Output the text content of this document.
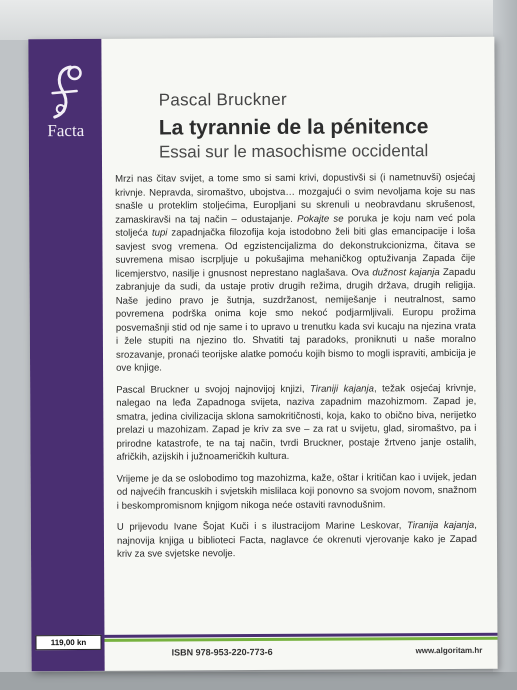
Facta
119,00 kn
Pascal Bruckner
La tyrannie de la pénitence
Essai sur le masochisme occidental

Mrzi nas čitav svijet, a tome smo si sami krivi, dopustivši si (i nametnuvši) osjećaj krivnje. Nepravda, siromaštvo, ubojstva… mozgajući o svim nevoljama koje su nas snašle u proteklim stoljećima, Europljani su skrenuli u neobravdanu skrušenost, zamaskiravši na taj način – odustajanje. Pokajte se poruka je koju nam već pola stoljeća tupi zapadnjačka filozofija koja istodobno želi biti glas emancipacije i loša savjest svog vremena. Od egzistencijalizma do dekonstrukcionizma, čitava se suvremena misao iscrpljuje u pokušajima mehaničkog optuživanja Zapada čije licemjerstvo, nasilje i gnusnost neprestano naglašava. Ova dužnost kajanja Zapadu zabranjuje da sudi, da ustaje protiv drugih režima, drugih država, drugih religija. Naše jedino pravo je šutnja, suzdržanost, nemiješanje i neutralnost, samo povremena podrška onima koje smo nekoć podjarmljivali. Europu prožima posvemašnji stid od nje same i to upravo u trenutku kada svi kucaju na njezina vrata i žele stupiti na njezino tlo. Shvatiti taj paradoks, proniknuti u naše moralno srozavanje, pronaći teorijske alatke pomoću kojih bismo to mogli ispraviti, ambicija je ove knjige.

Pascal Bruckner u svojoj najnovijoj knjizi, Tiraniji kajanja, težak osjećaj krivnje, nalegao na leđa Zapadnoga svijeta, naziva zapadnim mazohizmom. Zapad je, smatra, jedina civilizacija sklona samokritičnosti, koja, kako to obično biva, nerijetko prelazi u mazohizam. Zapad je kriv za sve – za rat u svijetu, glad, siromaštvo, pa i prirodne katastrofe, te na taj način, tvrdi Bruckner, postaje žrtveno janje ostalih, afričkih, azijskih i južnoameričkih kultura.

Vrijeme je da se oslobodimo tog mazohizma, kaže, oštar i kritičan kao i uvijek, jedan od najvećih francuskih i svjetskih mislilaca koji ponovno sa svojom novom, snažnom i beskompromisnom knjigom nikoga neće ostaviti ravnodušnim.

U prijevodu Ivane Šojat Kuči i s ilustracijom Marine Leskovar, Tiranija kajanja, najnovija knjiga u biblioteci Facta, naglavce će okrenuti vjerovanje kako je Zapad kriv za sve svjetske nevolje.

ISBN 978-953-220-773-6	www.algoritam.hr
